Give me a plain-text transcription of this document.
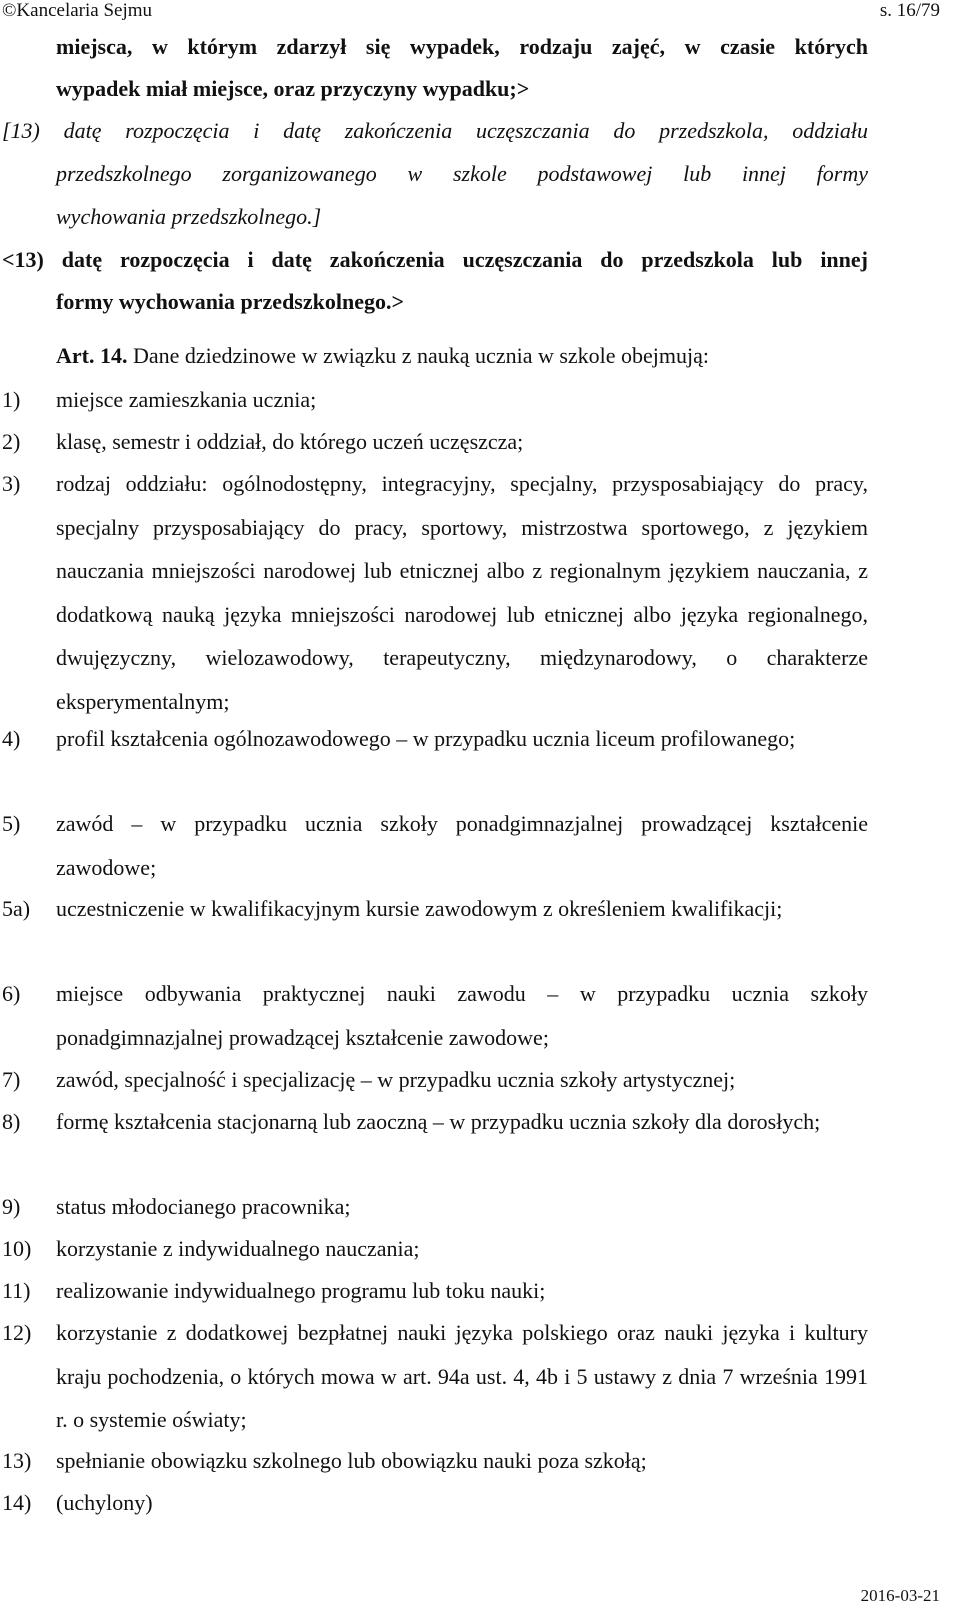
©Kancelaria Sejmu	s. 16/79
miejsca, w którym zdarzył się wypadek, rodzaju zajęć, w czasie których
wypadek miał miejsce, oraz przyczyny wypadku;>
[13) datę rozpoczęcia i datę zakończenia uczęszczania do przedszkola, oddziału
przedszkolnego zorganizowanego w szkole podstawowej lub innej formy
wychowania przedszkolnego.]
<13) datę rozpoczęcia i datę zakończenia uczęszczania do przedszkola lub innej
formy wychowania przedszkolnego.>
Art. 14. Dane dziedzinowe w związku z nauką ucznia w szkole obejmują:
1) miejsce zamieszkania ucznia;
2) klasę, semestr i oddział, do którego uczeń uczęszcza;
3) rodzaj oddziału: ogólnodostępny, integracyjny, specjalny, przysposabiający do pracy, specjalny przysposabiający do pracy, sportowy, mistrzostwa sportowego, z językiem nauczania mniejszości narodowej lub etnicznej albo z regionalnym językiem nauczania, z dodatkową nauką języka mniejszości narodowej lub etnicznej albo języka regionalnego, dwujęzyczny, wielozawodowy, terapeutyczny, międzynarodowy, o charakterze eksperymentalnym;
4) profil kształcenia ogólnozawodowego – w przypadku ucznia liceum profilowanego;
5) zawód – w przypadku ucznia szkoły ponadgimnazjalnej prowadzącej kształcenie zawodowe;
5a) uczestniczenie w kwalifikacyjnym kursie zawodowym z określeniem kwalifikacji;
6) miejsce odbywania praktycznej nauki zawodu – w przypadku ucznia szkoły ponadgimnazjalnej prowadzącej kształcenie zawodowe;
7) zawód, specjalność i specjalizację – w przypadku ucznia szkoły artystycznej;
8) formę kształcenia stacjonarną lub zaoczną – w przypadku ucznia szkoły dla dorosłych;
9) status młodocianego pracownika;
10) korzystanie z indywidualnego nauczania;
11) realizowanie indywidualnego programu lub toku nauki;
12) korzystanie z dodatkowej bezpłatnej nauki języka polskiego oraz nauki języka i kultury kraju pochodzenia, o których mowa w art. 94a ust. 4, 4b i 5 ustawy z dnia 7 września 1991 r. o systemie oświaty;
13) spełnianie obowiązku szkolnego lub obowiązku nauki poza szkołą;
14) (uchylony)
2016-03-21
